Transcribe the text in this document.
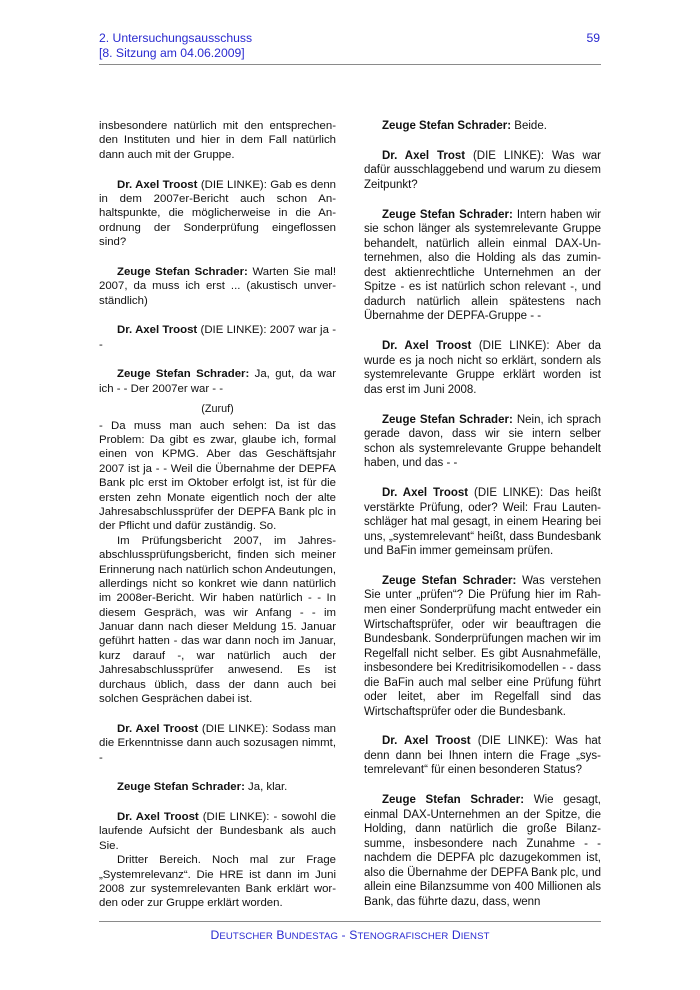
2. Untersuchungsausschuss
[8. Sitzung am 04.06.2009]
59

insbesondere natürlich mit den entsprechenden Instituten und hier in dem Fall natürlich dann auch mit der Gruppe.

Dr. Axel Troost (DIE LINKE): Gab es denn in dem 2007er-Bericht auch schon Anhaltspunkte, die möglicherweise in die Anordnung der Sonderprüfung eingeflossen sind?

Zeuge Stefan Schrader: Warten Sie mal! 2007, da muss ich erst ... (akustisch unverständlich)

Dr. Axel Troost (DIE LINKE): 2007 war ja - -

Zeuge Stefan Schrader: Ja, gut, da war ich - - Der 2007er war - -

(Zuruf)

- Da muss man auch sehen: Da ist das Problem: Da gibt es zwar, glaube ich, formal einen von KPMG. Aber das Geschäftsjahr 2007 ist ja - - Weil die Übernahme der DEPFA Bank plc erst im Oktober erfolgt ist, ist für die ersten zehn Monate eigentlich noch der alte Jahresabschlussprüfer der DEPFA Bank plc in der Pflicht und dafür zuständig. So.

Im Prüfungsbericht 2007, im Jahresabschlussprüfungsbericht, finden sich meiner Erinnerung nach natürlich schon Andeutungen, allerdings nicht so konkret wie dann natürlich im 2008er-Bericht. Wir haben natürlich - - In diesem Gespräch, was wir Anfang - - im Januar dann nach dieser Meldung 15. Januar geführt hatten - das war dann noch im Januar, kurz darauf -, war natürlich auch der Jahresabschlussprüfer anwesend. Es ist durchaus üblich, dass der dann auch bei solchen Gesprächen dabei ist.

Dr. Axel Troost (DIE LINKE): Sodass man die Erkenntnisse dann auch sozusagen nimmt, -

Zeuge Stefan Schrader: Ja, klar.

Dr. Axel Troost (DIE LINKE): - sowohl die laufende Aufsicht der Bundesbank als auch Sie.

Dritter Bereich. Noch mal zur Frage „Systemrelevanz“. Die HRE ist dann im Juni 2008 zur systemrelevanten Bank erklärt worden oder zur Gruppe erklärt worden.

Zeuge Stefan Schrader: Beide.

Dr. Axel Trost (DIE LINKE): Was war dafür ausschlaggebend und warum zu diesem Zeitpunkt?

Zeuge Stefan Schrader: Intern haben wir sie schon länger als systemrelevante Gruppe behandelt, natürlich allein einmal DAX-Unternehmen, also die Holding als das zumindest aktienrechtliche Unternehmen an der Spitze - es ist natürlich schon relevant -, und dadurch natürlich allein spätestens nach Übernahme der DEPFA-Gruppe - -

Dr. Axel Troost (DIE LINKE): Aber da wurde es ja noch nicht so erklärt, sondern als systemrelevante Gruppe erklärt worden ist das erst im Juni 2008.

Zeuge Stefan Schrader: Nein, ich sprach gerade davon, dass wir sie intern selber schon als systemrelevante Gruppe behandelt haben, und das - -

Dr. Axel Troost (DIE LINKE): Das heißt verstärkte Prüfung, oder? Weil: Frau Lautenschläger hat mal gesagt, in einem Hearing bei uns, „systemrelevant“ heißt, dass Bundesbank und BaFin immer gemeinsam prüfen.

Zeuge Stefan Schrader: Was verstehen Sie unter „prüfen“? Die Prüfung hier im Rahmen einer Sonderprüfung macht entweder ein Wirtschaftsprüfer, oder wir beauftragen die Bundesbank. Sonderprüfungen machen wir im Regelfall nicht selber. Es gibt Ausnahmefälle, insbesondere bei Kreditrisikomodellen - - dass die BaFin auch mal selber eine Prüfung führt oder leitet, aber im Regelfall sind das Wirtschaftsprüfer oder die Bundesbank.

Dr. Axel Troost (DIE LINKE): Was hat denn dann bei Ihnen intern die Frage „systemrelevant“ für einen besonderen Status?

Zeuge Stefan Schrader: Wie gesagt, einmal DAX-Unternehmen an der Spitze, die Holding, dann natürlich die große Bilanzsumme, insbesondere nach Zunahme - - nachdem die DEPFA plc dazugekommen ist, also die Übernahme der DEPFA Bank plc, und allein eine Bilanzsumme von 400 Millionen als Bank, das führte dazu, dass, wenn

DEUTSCHER BUNDESTAG - STENOGRAFISCHER DIENST
